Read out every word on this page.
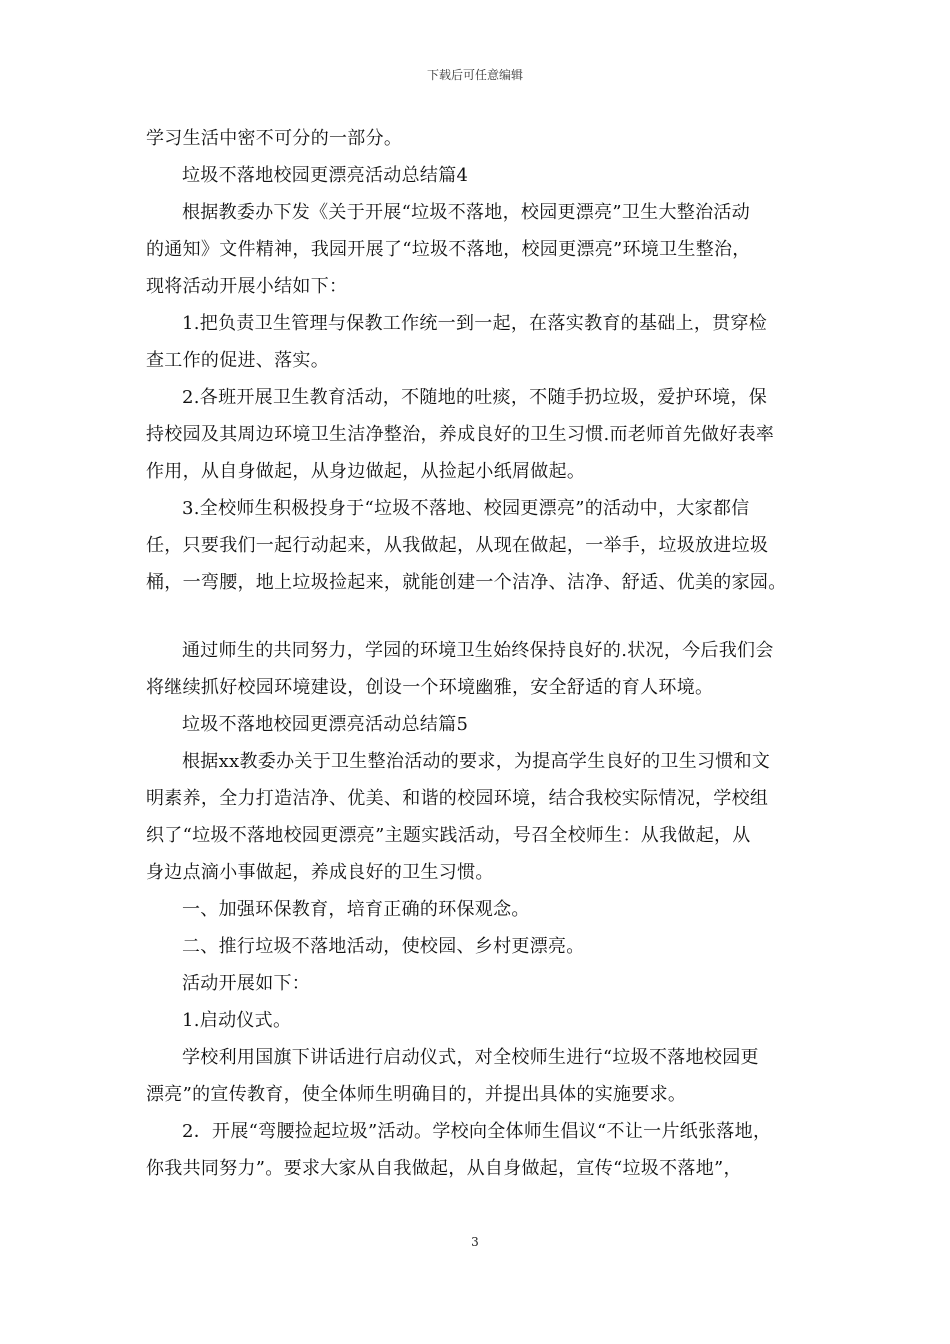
下载后可任意编辑
学习生活中密不可分的一部分。
垃圾不落地校园更漂亮活动总结篇4
根据教委办下发《关于开展“垃圾不落地，校园更漂亮”卫生大整治活动
的通知》文件精神，我园开展了“垃圾不落地，校园更漂亮”环境卫生整治，
现将活动开展小结如下：
1.把负责卫生管理与保教工作统一到一起，在落实教育的基础上，贯穿检
查工作的促进、落实。
2.各班开展卫生教育活动，不随地的吐痰，不随手扔垃圾，爱护环境，保
持校园及其周边环境卫生洁净整治，养成良好的卫生习惯.而老师首先做好表率
作用，从自身做起，从身边做起，从捡起小纸屑做起。
3.全校师生积极投身于“垃圾不落地、校园更漂亮”的活动中，大家都信
任，只要我们一起行动起来，从我做起，从现在做起，一举手，垃圾放进垃圾
桶，一弯腰，地上垃圾捡起来，就能创建一个洁净、洁净、舒适、优美的家园。
通过师生的共同努力，学园的环境卫生始终保持良好的.状况，今后我们会
将继续抓好校园环境建设，创设一个环境幽雅，安全舒适的育人环境。
垃圾不落地校园更漂亮活动总结篇5
根据xx教委办关于卫生整治活动的要求，为提高学生良好的卫生习惯和文
明素养，全力打造洁净、优美、和谐的校园环境，结合我校实际情况，学校组
织了“垃圾不落地校园更漂亮”主题实践活动，号召全校师生：从我做起，从
身边点滴小事做起，养成良好的卫生习惯。
一、加强环保教育，培育正确的环保观念。
二、推行垃圾不落地活动，使校园、乡村更漂亮。
活动开展如下：
1.启动仪式。
学校利用国旗下讲话进行启动仪式，对全校师生进行“垃圾不落地校园更
漂亮”的宣传教育，使全体师生明确目的，并提出具体的实施要求。
2．开展“弯腰捡起垃圾”活动。学校向全体师生倡议“不让一片纸张落地，
你我共同努力”。要求大家从自我做起，从自身做起，宣传“垃圾不落地”，
3
